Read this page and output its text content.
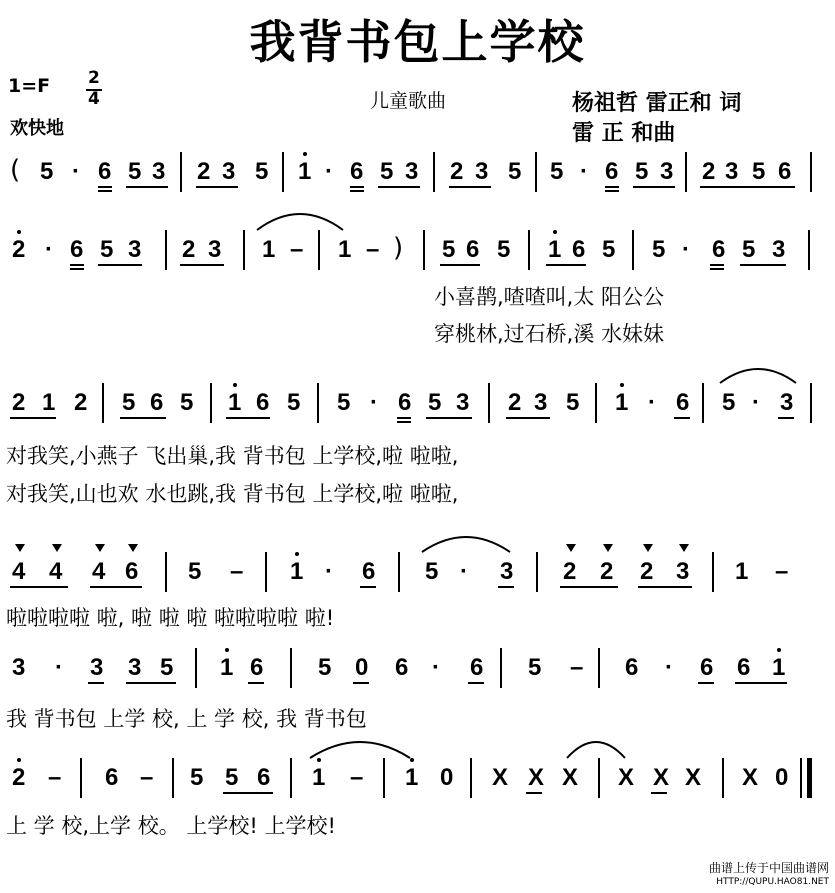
我背书包上学校
1=F 2
4
欢快地
儿童歌曲	杨祖哲 雷正和 词
雷 正 和曲
( 5 · 6 5 3 2 3 5 1 · 6 5 3 2 3 5 5 · 6 5 3 2 3 5 6
2 · 6 5 3 2 3 1 – 1 – ) 5 6 5 1 6 5 5 · 6 5 3
小喜鹊,喳喳叫,太 阳公公
穿桃林,过石桥,溪 水妹妹
2 1 2 5 6 5 1 6 5 5 · 6 5 3 2 3 5 1 · 6 5 · 3
对我笑,小燕子 飞出巢,我 背书包 上学校,啦 啦啦,
对我笑,山也欢 水也跳,我 背书包 上学校,啦 啦啦,
4 4 4 6 5 – 1 · 6 5 · 3 2 2 2 3 1 –
啦啦啦啦 啦, 啦 啦 啦 啦啦啦啦 啦!
3 · 3 3 5 1 6 5 0 6 · 6 5 – 6 · 6 6 1
我 背书包 上学 校, 上 学 校, 我 背书包
2 – 6 – 5 5 6 1 – 1 0 X X X X X X X 0
上 学 校,上学 校。 上学校! 上学校!
曲谱上传于中国曲谱网
HTTP://QUPU.HAO81.NET
